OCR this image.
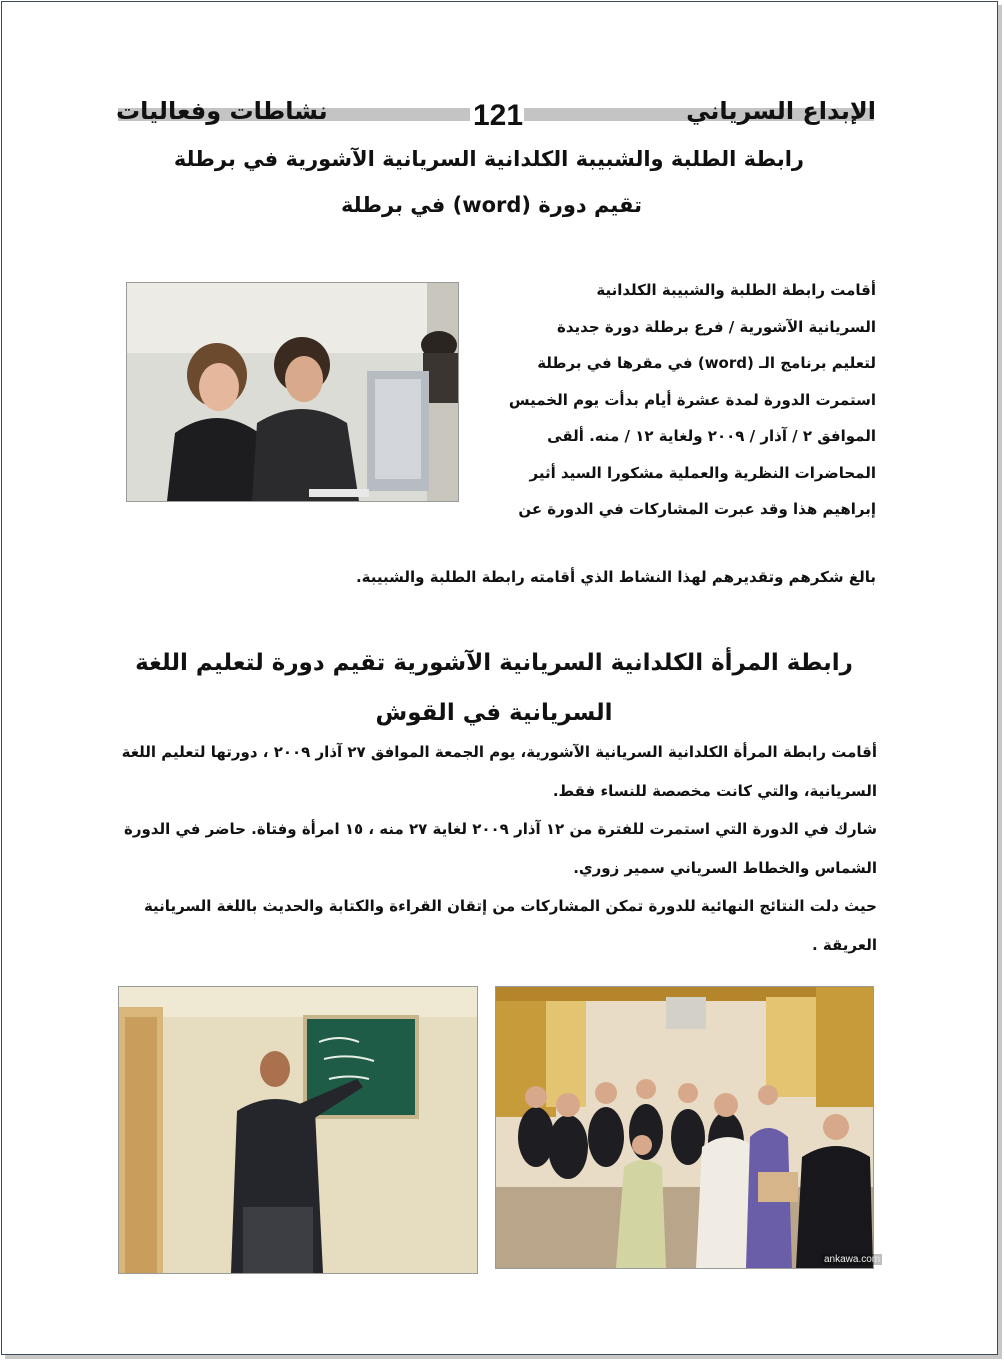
نشاطات وفعاليات	121	الإبداع السرياني
رابطة الطلبة والشبيبة الكلدانية السريانية الآشورية في برطلة
تقيم دورة (word) في برطلة
أقامت رابطة الطلبة والشبيبة الكلدانية
السريانية الآشورية / فرع برطلة دورة جديدة
لتعليم برنامج الـ (word) في مقرها في برطلة
استمرت الدورة لمدة عشرة أيام بدأت يوم الخميس
الموافق ٢ / آذار / ٢٠٠٩ ولغاية ١٢ / منه. ألقى
المحاضرات النظرية والعملية مشكورا السيد أثير
إبراهيم هذا وقد عبرت المشاركات في الدورة عن
بالغ شكرهم وتقديرهم لهذا النشاط الذي أقامته رابطة الطلبة والشبيبة.
رابطة المرأة الكلدانية السريانية الآشورية تقيم دورة لتعليم اللغة
السريانية في القوش

أقامت رابطة المرأة الكلدانية السريانية الآشورية، يوم الجمعة الموافق ٢٧ آذار ٢٠٠٩ ، دورتها لتعليم اللغة السريانية، والتي كانت مخصصة للنساء فقط.

شارك في الدورة التي استمرت للفترة من ١٢ آذار ٢٠٠٩ لغاية ٢٧ منه ، ١٥ امرأة وفتاة. حاضر في الدورة الشماس والخطاط السرياني سمير زوري.

حيث دلت النتائج النهائية للدورة تمكن المشاركات من إتقان القراءة والكتابة والحديث باللغة السريانية العريقة .

ankawa.com
